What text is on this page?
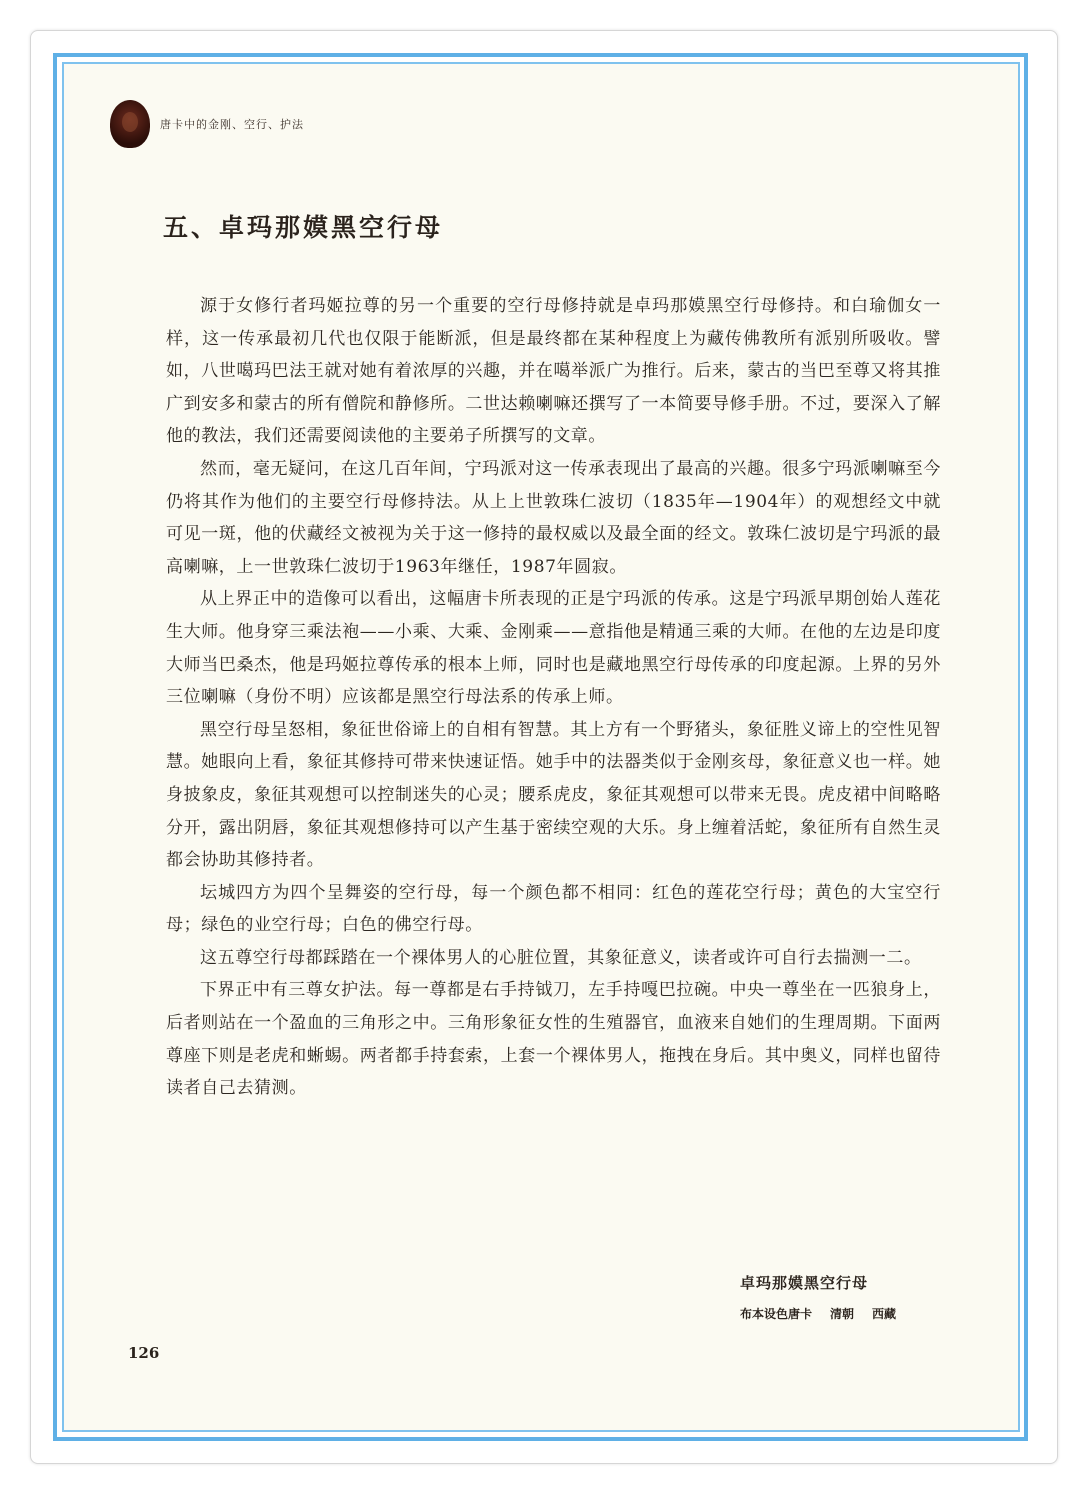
唐卡中的金刚、空行、护法
五、卓玛那嫫黑空行母

源于女修行者玛姬拉尊的另一个重要的空行母修持就是卓玛那嫫黑空行母修持。和白瑜伽女一样，这一传承最初几代也仅限于能断派，但是最终都在某种程度上为藏传佛教所有派别所吸收。譬如，八世噶玛巴法王就对她有着浓厚的兴趣，并在噶举派广为推行。后来，蒙古的当巴至尊又将其推广到安多和蒙古的所有僧院和静修所。二世达赖喇嘛还撰写了一本简要导修手册。不过，要深入了解他的教法，我们还需要阅读他的主要弟子所撰写的文章。

然而，毫无疑问，在这几百年间，宁玛派对这一传承表现出了最高的兴趣。很多宁玛派喇嘛至今仍将其作为他们的主要空行母修持法。从上上世敦珠仁波切（1835年—1904年）的观想经文中就可见一斑，他的伏藏经文被视为关于这一修持的最权威以及最全面的经文。敦珠仁波切是宁玛派的最高喇嘛，上一世敦珠仁波切于1963年继任，1987年圆寂。

从上界正中的造像可以看出，这幅唐卡所表现的正是宁玛派的传承。这是宁玛派早期创始人莲花生大师。他身穿三乘法袍——小乘、大乘、金刚乘——意指他是精通三乘的大师。在他的左边是印度大师当巴桑杰，他是玛姬拉尊传承的根本上师，同时也是藏地黑空行母传承的印度起源。上界的另外三位喇嘛（身份不明）应该都是黑空行母法系的传承上师。

黑空行母呈怒相，象征世俗谛上的自相有智慧。其上方有一个野猪头，象征胜义谛上的空性见智慧。她眼向上看，象征其修持可带来快速证悟。她手中的法器类似于金刚亥母，象征意义也一样。她身披象皮，象征其观想可以控制迷失的心灵；腰系虎皮，象征其观想可以带来无畏。虎皮裙中间略略分开，露出阴唇，象征其观想修持可以产生基于密续空观的大乐。身上缠着活蛇，象征所有自然生灵都会协助其修持者。

坛城四方为四个呈舞姿的空行母，每一个颜色都不相同：红色的莲花空行母；黄色的大宝空行母；绿色的业空行母；白色的佛空行母。

这五尊空行母都踩踏在一个裸体男人的心脏位置，其象征意义，读者或许可自行去揣测一二。

下界正中有三尊女护法。每一尊都是右手持钺刀，左手持嘎巴拉碗。中央一尊坐在一匹狼身上，后者则站在一个盈血的三角形之中。三角形象征女性的生殖器官，血液来自她们的生理周期。下面两尊座下则是老虎和蜥蜴。两者都手持套索，上套一个裸体男人，拖拽在身后。其中奥义，同样也留待读者自己去猜测。

卓玛那嫫黑空行母
布本设色唐卡 清朝 西藏
126
